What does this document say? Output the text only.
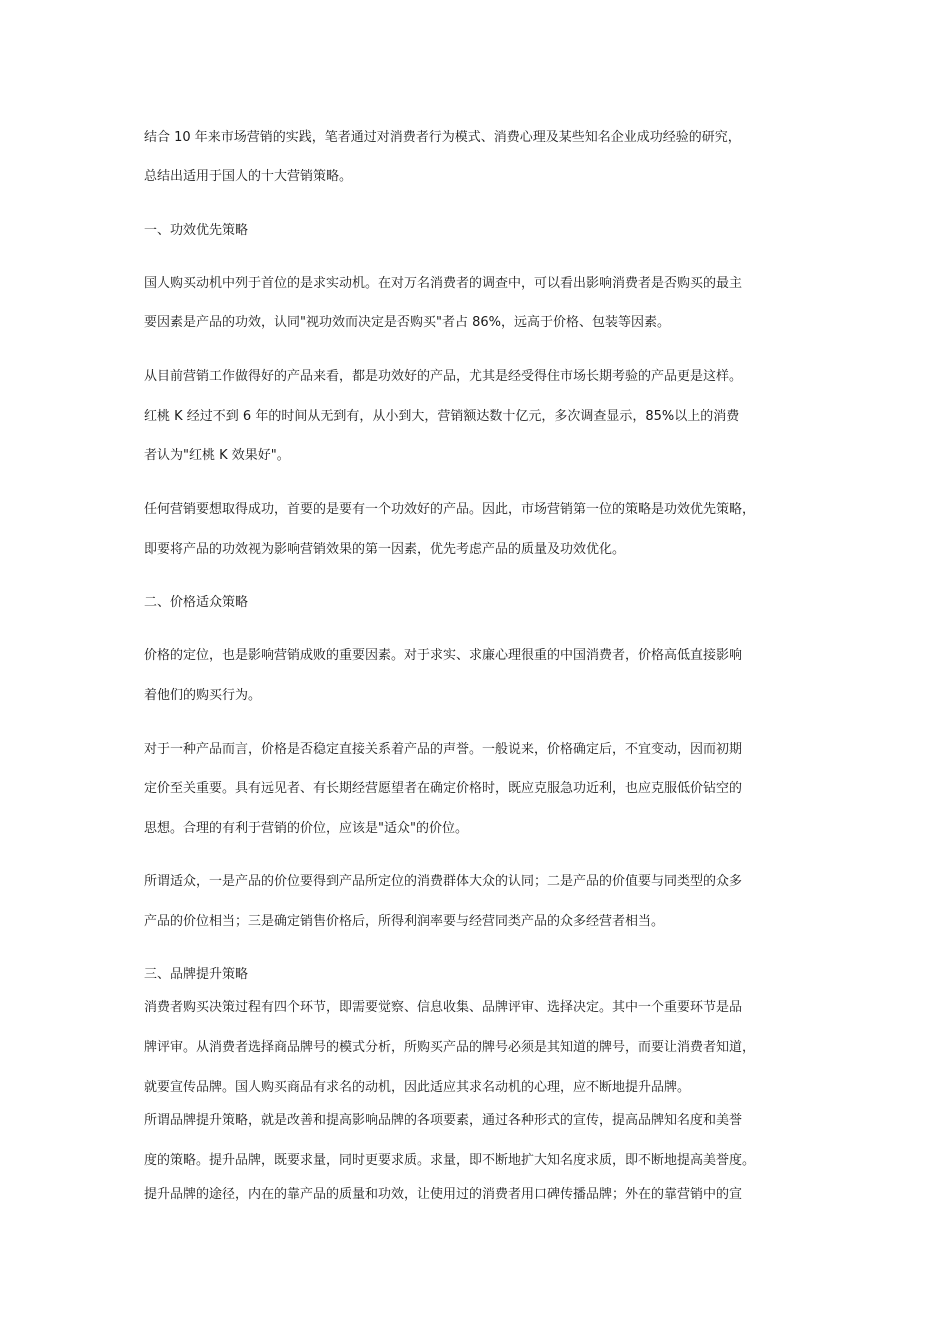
结合 10 年来市场营销的实践，笔者通过对消费者行为模式、消费心理及某些知名企业成功经验的研究，
总结出适用于国人的十大营销策略。
一、功效优先策略
国人购买动机中列于首位的是求实动机。在对万名消费者的调查中，可以看出影响消费者是否购买的最主
要因素是产品的功效，认同"视功效而决定是否购买"者占 86%，远高于价格、包装等因素。
从目前营销工作做得好的产品来看，都是功效好的产品，尤其是经受得住市场长期考验的产品更是这样。
红桃 K 经过不到 6 年的时间从无到有，从小到大，营销额达数十亿元，多次调查显示，85%以上的消费
者认为"红桃 K 效果好"。
任何营销要想取得成功，首要的是要有一个功效好的产品。因此，市场营销第一位的策略是功效优先策略，
即要将产品的功效视为影响营销效果的第一因素，优先考虑产品的质量及功效优化。
二、价格适众策略
价格的定位，也是影响营销成败的重要因素。对于求实、求廉心理很重的中国消费者，价格高低直接影响
着他们的购买行为。
对于一种产品而言，价格是否稳定直接关系着产品的声誉。一般说来，价格确定后，不宜变动，因而初期
定价至关重要。具有远见者、有长期经营愿望者在确定价格时，既应克服急功近利，也应克服低价钻空的
思想。合理的有利于营销的价位，应该是"适众"的价位。
所谓适众，一是产品的价位要得到产品所定位的消费群体大众的认同；二是产品的价值要与同类型的众多
产品的价位相当；三是确定销售价格后，所得利润率要与经营同类产品的众多经营者相当。
三、品牌提升策略
消费者购买决策过程有四个环节，即需要觉察、信息收集、品牌评审、选择决定。其中一个重要环节是品
牌评审。从消费者选择商品牌号的模式分析，所购买产品的牌号必须是其知道的牌号，而要让消费者知道，
就要宣传品牌。国人购买商品有求名的动机，因此适应其求名动机的心理，应不断地提升品牌。
所谓品牌提升策略，就是改善和提高影响品牌的各项要素，通过各种形式的宣传，提高品牌知名度和美誉
度的策略。提升品牌，既要求量，同时更要求质。求量，即不断地扩大知名度求质，即不断地提高美誉度。
提升品牌的途径，内在的靠产品的质量和功效，让使用过的消费者用口碑传播品牌；外在的靠营销中的宣
